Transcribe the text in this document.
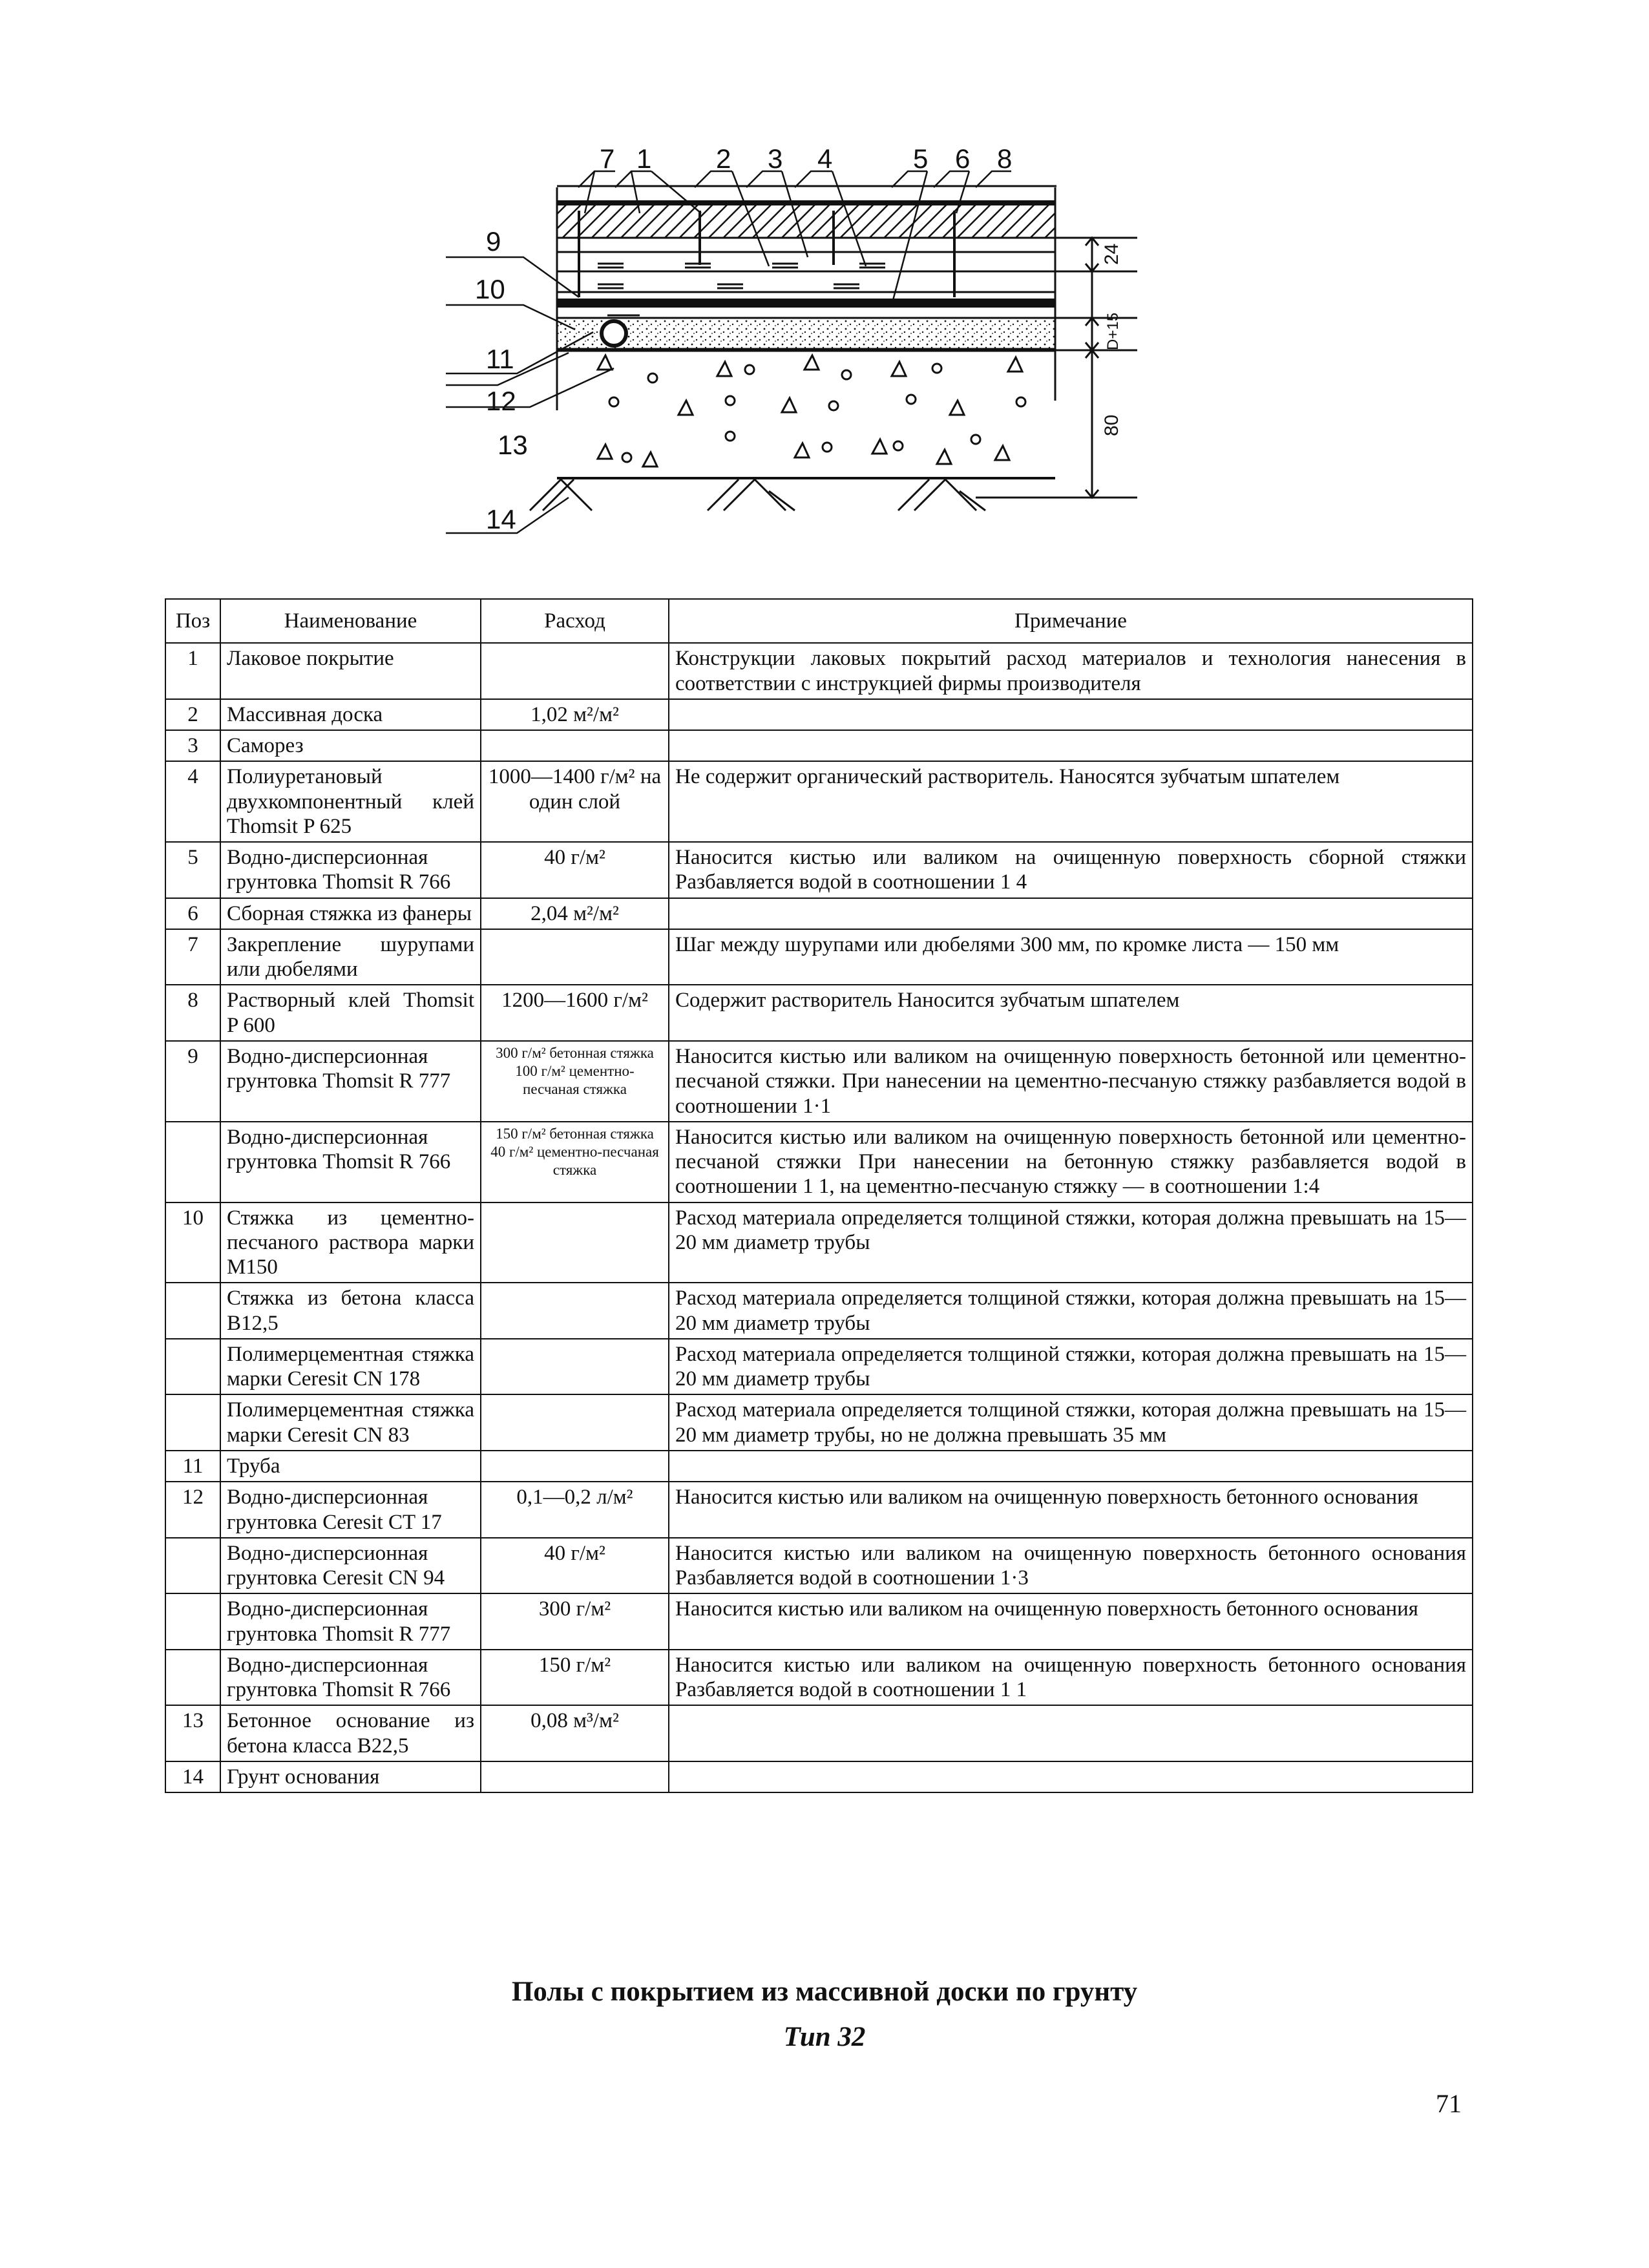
7 1 2 3 4	5 6 8
9
10
11
12
13
14
24
D+15
80
Поз	Наименование	Расход	Примечание
1	Лаковое покрытие		Конструкции лаковых покрытий расход материалов и технология нанесения в соответствии с инструкцией фирмы производителя
2	Массивная доска	1,02 м²/м²	
3	Саморез		
4	Полиуретановый двухкомпонентный клей Thomsit P 625	1000—1400 г/м² на один слой	Не содержит органический растворитель. Наносятся зубчатым шпателем
5	Водно-дисперсионная грунтовка Thomsit R 766	40 г/м²	Наносится кистью или валиком на очищенную поверхность сборной стяжки Разбавляется водой в соотношении 1 4
6	Сборная стяжка из фанеры	2,04 м²/м²	
7	Закрепление шурупами или дюбелями		Шаг между шурупами или дюбелями 300 мм, по кромке листа — 150 мм
8	Растворный клей Thomsit P 600	1200—1600 г/м²	Содержит растворитель Наносится зубчатым шпателем
9	Водно-дисперсионная грунтовка Thomsit R 777	300 г/м² бетонная стяжка 100 г/м² цементно-песчаная стяжка	Наносится кистью или валиком на очищенную поверхность бетонной или цементно-песчаной стяжки. При нанесении на цементно-песчаную стяжку разбавляется водой в соотношении 1·1
	Водно-дисперсионная грунтовка Thomsit R 766	150 г/м² бетонная стяжка 40 г/м² цементно-песчаная стяжка	Наносится кистью или валиком на очищенную поверхность бетонной или цементно-песчаной стяжки При нанесении на бетонную стяжку разбавляется водой в соотношении 1 1, на цементно-песчаную стяжку — в соотношении 1:4
10	Стяжка из цементно-песчаного раствора марки М150		Расход материала определяется толщиной стяжки, которая должна превышать на 15—20 мм диаметр трубы
	Стяжка из бетона класса В12,5		Расход материала определяется толщиной стяжки, которая должна превышать на 15—20 мм диаметр трубы
	Полимерцементная стяжка марки Ceresit CN 178		Расход материала определяется толщиной стяжки, которая должна превышать на 15—20 мм диаметр трубы
	Полимерцементная стяжка марки Ceresit CN 83		Расход материала определяется толщиной стяжки, которая должна превышать на 15—20 мм диаметр трубы, но не должна превышать 35 мм
11	Труба		
12	Водно-дисперсионная грунтовка Ceresit CT 17	0,1—0,2 л/м²	Наносится кистью или валиком на очищенную поверхность бетонного основания
	Водно-дисперсионная грунтовка Ceresit CN 94	40 г/м²	Наносится кистью или валиком на очищенную поверхность бетонного основания Разбавляется водой в соотношении 1·3
	Водно-дисперсионная грунтовка Thomsit R 777	300 г/м²	Наносится кистью или валиком на очищенную поверхность бетонного основания
	Водно-дисперсионная грунтовка Thomsit R 766	150 г/м²	Наносится кистью или валиком на очищенную поверхность бетонного основания Разбавляется водой в соотношении 1 1
13	Бетонное основание из бетона класса В22,5	0,08 м³/м²	
14	Грунт основания		
Полы с покрытием из массивной доски по грунту
Тип 32
71
